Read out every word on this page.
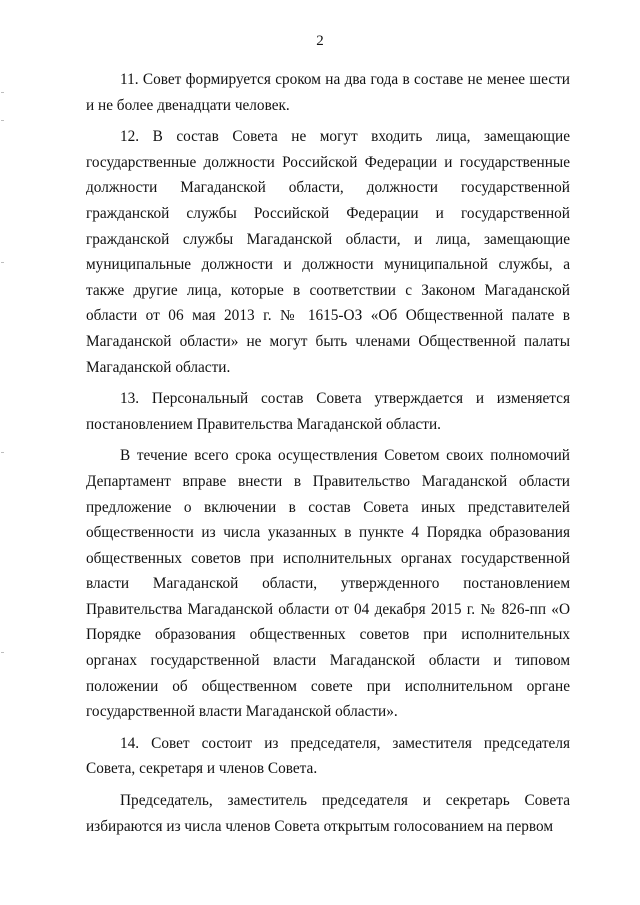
2

11. Совет формируется сроком на два года в составе не менее шести и не более двенадцати человек.

12. В состав Совета не могут входить лица, замещающие государственные должности Российской Федерации и государственные должности Магаданской области, должности государственной гражданской службы Российской Федерации и государственной гражданской службы Магаданской области, и лица, замещающие муниципальные должности и должности муниципальной службы, а также другие лица, которые в соответствии с Законом Магаданской области от 06 мая 2013 г. № 1615-ОЗ «Об Общественной палате в Магаданской области» не могут быть членами Общественной палаты Магаданской области.

13. Персональный состав Совета утверждается и изменяется постановлением Правительства Магаданской области.

В течение всего срока осуществления Советом своих полномочий Департамент вправе внести в Правительство Магаданской области предложение о включении в состав Совета иных представителей общественности из числа указанных в пункте 4 Порядка образования общественных советов при исполнительных органах государственной власти Магаданской области, утвержденного постановлением Правительства Магаданской области от 04 декабря 2015 г. № 826-пп «О Порядке образования общественных советов при исполнительных органах государственной власти Магаданской области и типовом положении об общественном совете при исполнительном органе государственной власти Магаданской области».

14. Совет состоит из председателя, заместителя председателя Совета, секретаря и членов Совета.

Председатель, заместитель председателя и секретарь Совета избираются из числа членов Совета открытым голосованием на первом
